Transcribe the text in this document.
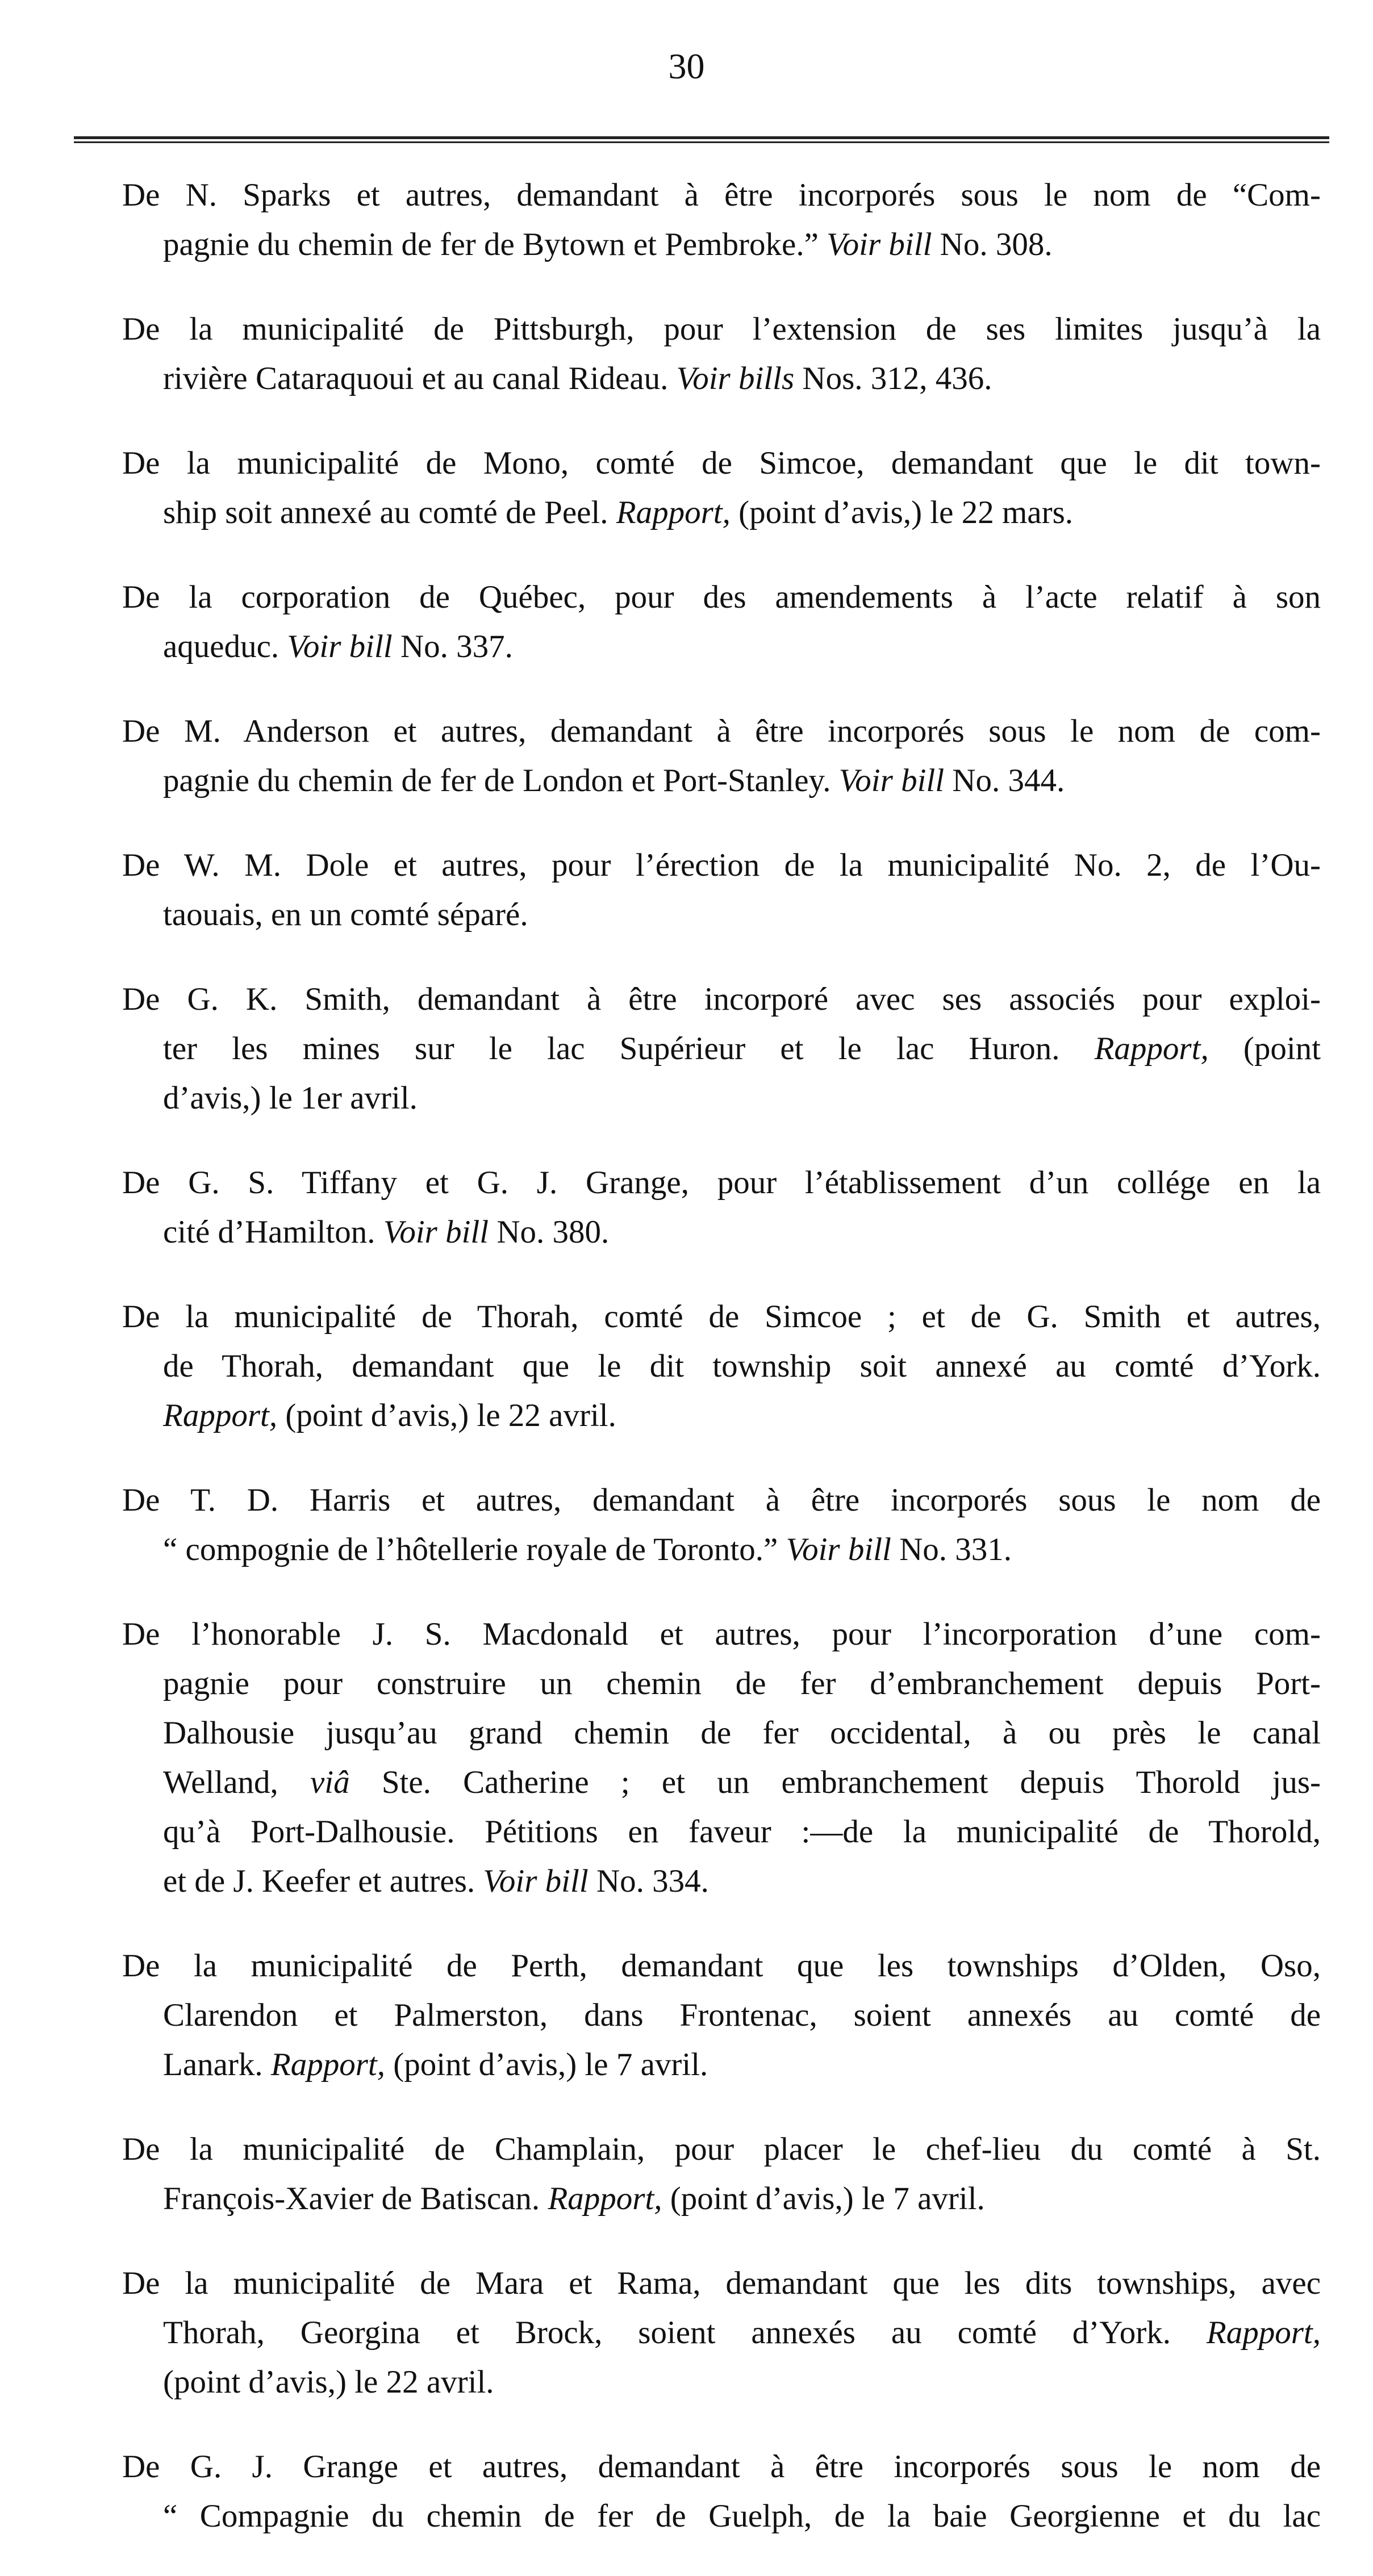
30
De N. Sparks et autres, demandant à être incorporés sous le nom de “Com-
pagnie du chemin de fer de Bytown et Pembroke.” Voir bill No. 308.
De la municipalité de Pittsburgh, pour l’extension de ses limites jusqu’à la
rivière Cataraquoui et au canal Rideau. Voir bills Nos. 312, 436.
De la municipalité de Mono, comté de Simcoe, demandant que le dit town-
ship soit annexé au comté de Peel. Rapport, (point d’avis,) le 22 mars.
De la corporation de Québec, pour des amendements à l’acte relatif à son
aqueduc. Voir bill No. 337.
De M. Anderson et autres, demandant à être incorporés sous le nom de com-
pagnie du chemin de fer de London et Port-Stanley. Voir bill No. 344.
De W. M. Dole et autres, pour l’érection de la municipalité No. 2, de l’Ou-
taouais, en un comté séparé.
De G. K. Smith, demandant à être incorporé avec ses associés pour exploi-
ter les mines sur le lac Supérieur et le lac Huron. Rapport, (point
d’avis,) le 1er avril.
De G. S. Tiffany et G. J. Grange, pour l’établissement d’un collége en la
cité d’Hamilton. Voir bill No. 380.
De la municipalité de Thorah, comté de Simcoe ; et de G. Smith et autres,
de Thorah, demandant que le dit township soit annexé au comté d’York.
Rapport, (point d’avis,) le 22 avril.
De T. D. Harris et autres, demandant à être incorporés sous le nom de
“ compognie de l’hôtellerie royale de Toronto.” Voir bill No. 331.
De l’honorable J. S. Macdonald et autres, pour l’incorporation d’une com-
pagnie pour construire un chemin de fer d’embranchement depuis Port-
Dalhousie jusqu’au grand chemin de fer occidental, à ou près le canal
Welland, viâ Ste. Catherine ; et un embranchement depuis Thorold jus-
qu’à Port-Dalhousie. Pétitions en faveur :—de la municipalité de Thorold,
et de J. Keefer et autres. Voir bill No. 334.
De la municipalité de Perth, demandant que les townships d’Olden, Oso,
Clarendon et Palmerston, dans Frontenac, soient annexés au comté de
Lanark. Rapport, (point d’avis,) le 7 avril.
De la municipalité de Champlain, pour placer le chef-lieu du comté à St.
François-Xavier de Batiscan. Rapport, (point d’avis,) le 7 avril.
De la municipalité de Mara et Rama, demandant que les dits townships, avec
Thorah, Georgina et Brock, soient annexés au comté d’York. Rapport,
(point d’avis,) le 22 avril.
De G. J. Grange et autres, demandant à être incorporés sous le nom de
“ Compagnie du chemin de fer de Guelph, de la baie Georgienne et du lac
